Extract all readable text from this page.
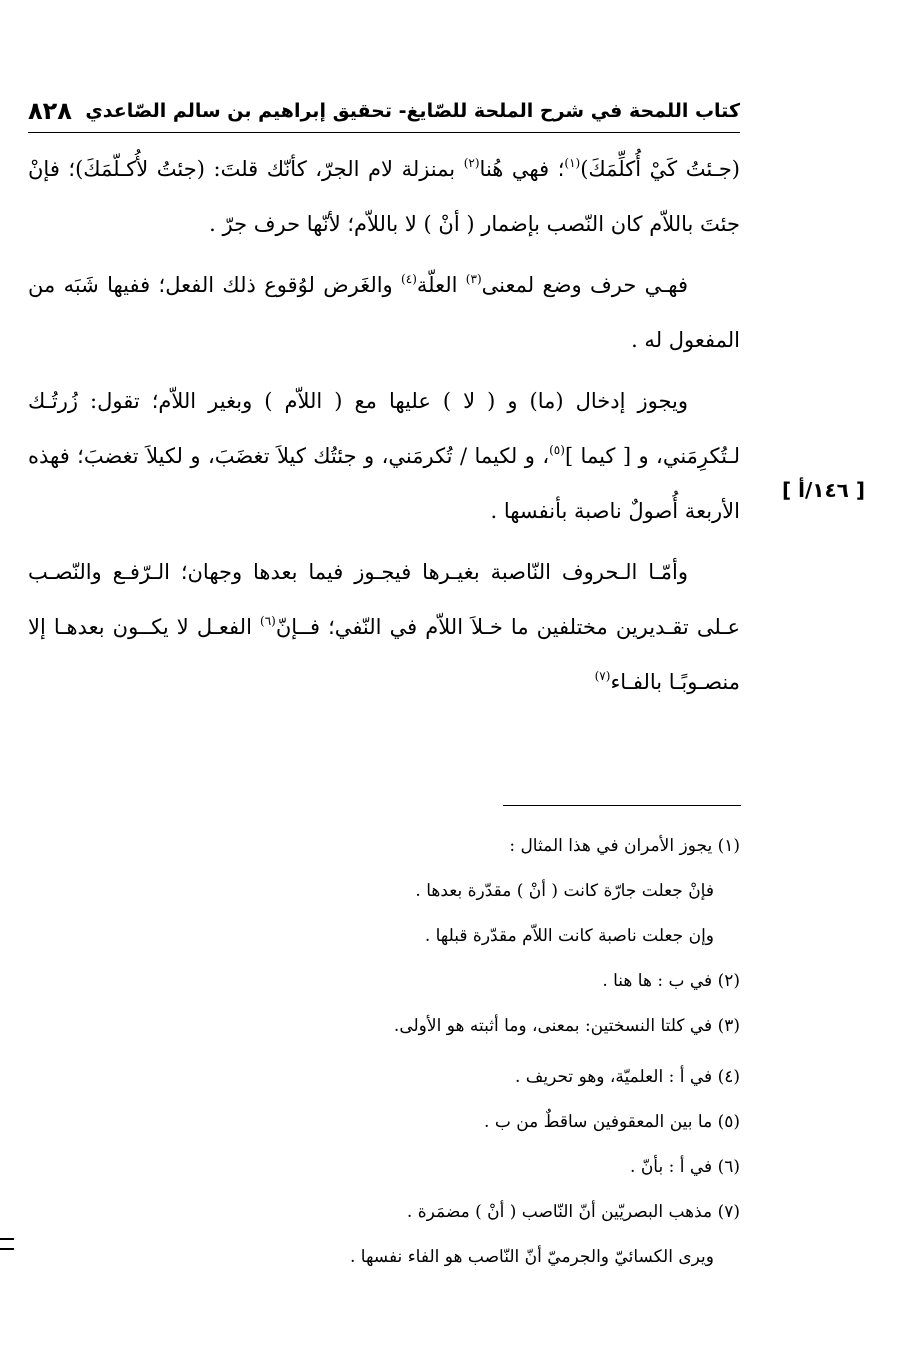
كتاب اللمحة في شرح الملحة للصّايغ- تحقيق إبراهيم بن سالم الصّاعدي
٨٢٨
[ ١٤٦/أ ]

(جـئتُ كَيْ أُكلِّمَكَ)$^{(١)}$؛ فهي هُنا$^{(٢)}$ بمنزلة لام الجرّ، كأنّك قلتَ: (جئتُ لأُكـلّمَكَ)؛ فإنْ جئتَ باللاّم كان النّصب بإضمار ( أنْ ) لا باللاّم؛ لأنّها حرف جرّ .

فهـي حرف وضع لمعنى$^{(٣)}$ العلّة$^{(٤)}$ والغَرض لوُقوع ذلك الفعل؛ ففيها شَبَه من المفعول له .

ويجوز إدخال (ما) و ( لا ) عليها مع ( اللاّم ) وبغير اللاّم؛ تقول: زُرتُـك لـتُكرِمَني، و [ كيما ]$^{(٥)}$، و لكيما / تُكرمَني، و جئتُك كيلاَ تغضَبَ، و لكيلاَ تغضبَ؛ فهذه الأربعة أُصولٌ ناصبة بأنفسها .

وأمّـا الـحروف النّاصبة بغيـرها فيجـوز فيما بعدها وجهان؛ الـرّفـع والنّصـب عـلى تقـديرين مختلفين ما خـلاَ اللاّم في النّفي؛ فــإنّ$^{(٦)}$ الفعـل لا يكــون بعدهـا إلا منصـوبًـا بالفـاء$^{(٧)}$

(١) يجوز الأمران في هذا المثال :

فإنْ جعلت جارّة كانت ( أنْ ) مقدّرة بعدها .

وإن جعلت ناصبة كانت اللاّم مقدّرة قبلها .

(٢) في ب : ها هنا .

(٣) في كلتا النسختين: بمعنى، وما أثبته هو الأولى.

(٤) في أ : العلميّة، وهو تحريف .

(٥) ما بين المعقوفين ساقطٌ من ب .

(٦) في أ : بأنّ .

(٧) مذهب البصريّين أنّ النّاصب ( أنْ ) مضمَرة .

ويرى الكسائيّ والجرميّ أنّ النّاصب هو الفاء نفسها .
